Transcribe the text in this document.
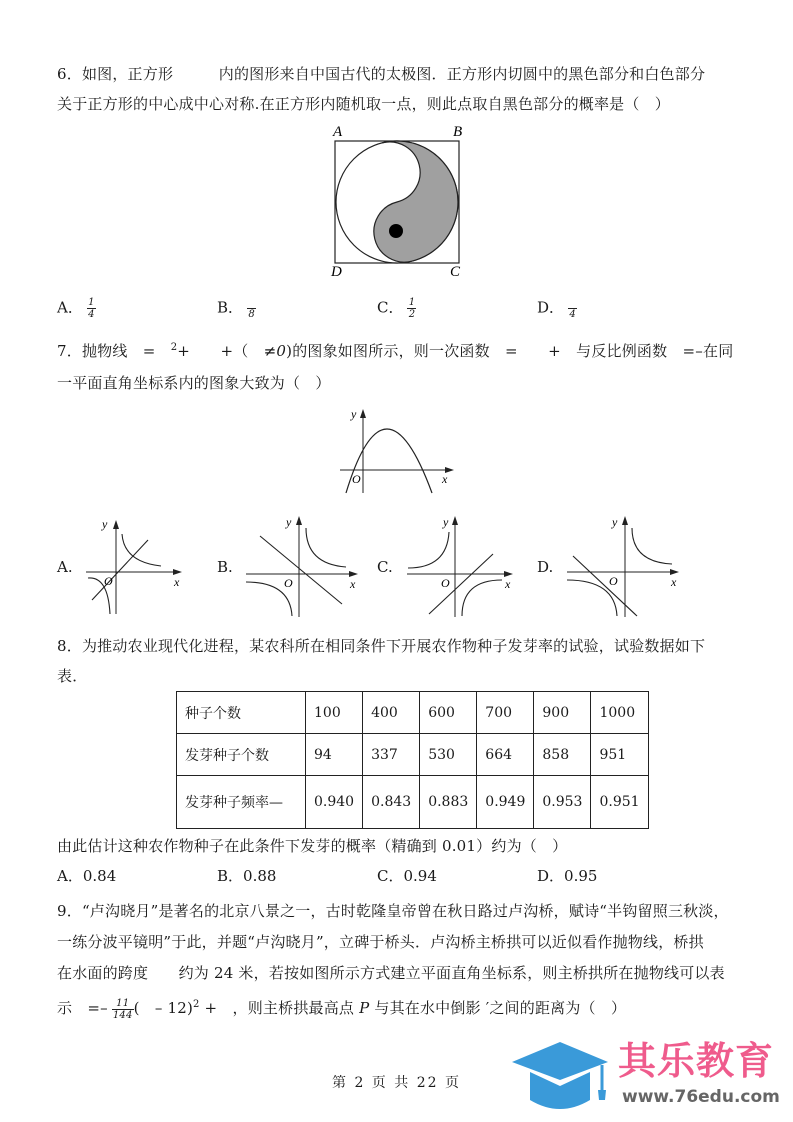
6．如图，正方形　　　内的图形来自中国古代的太极图．正方形内切圆中的黑色部分和白色部分
关于正方形的中心成中心对称.在正方形内随机取一点，则此点取自黑色部分的概率是（　）
A	B
D	C
A． $\frac{1}{4}$	B． 8	C． $\frac{1}{2}$	D． 4
7．抛物线　=　$^2$+　　+（　≠0)的图象如图所示，则一次函数　=　　+　与反比例函数　=–在同
一平面直角坐标系内的图象大致为（　）
y
x
O
A.
y
x
O
B.
y
x
O
C.
y
x
O
D.
y
x
O
8．为推动农业现代化进程，某农科所在相同条件下开展农作物种子发芽率的试验，试验数据如下
表．
种子个数	100	400	600	700	900	1000
发芽种子个数	94	337	530	664	858	951
发芽种子频率—	0.940	0.843	0.883	0.949	0.953	0.951
由此估计这种农作物种子在此条件下发芽的概率（精确到 0.01）约为（　）
A．0.84	B．0.88	C．0.94	D．0.95
9．“卢沟晓月”是著名的北京八景之一，古时乾隆皇帝曾在秋日路过卢沟桥，赋诗“半钩留照三秋淡，
一练分波平镜明”于此，并题“卢沟晓月”，立碑于桥头．卢沟桥主桥拱可以近似看作抛物线，桥拱
在水面的跨度　　约为 24 米，若按如图所示方式建立平面直角坐标系，则主桥拱所在抛物线可以表
示　=– $\frac{11}{144}$ (　– 12)$^2$ +　，则主桥拱最高点 P 与其在水中倒影 ′之间的距离为（　）
第 2 页 共 22 页	其乐教育
www.76edu.com
